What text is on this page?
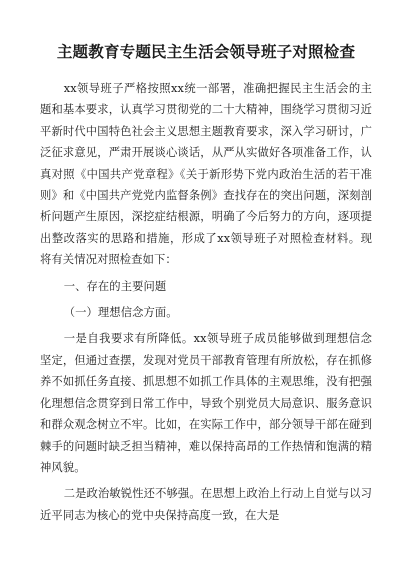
主题教育专题民主生活会领导班子对照检查

xx领导班子严格按照xx统一部署，准确把握民主生活会的主题和基本要求，认真学习贯彻党的二十大精神，围绕学习贯彻习近平新时代中国特色社会主义思想主题教育要求，深入学习研讨，广泛征求意见，严肃开展谈心谈话，从严从实做好各项准备工作，认真对照《中国共产党章程》《关于新形势下党内政治生活的若干准则》和《中国共产党党内监督条例》查找存在的突出问题，深刻剖析问题产生原因，深挖症结根源，明确了今后努力的方向，逐项提出整改落实的思路和措施，形成了xx领导班子对照检查材料。现将有关情况对照检查如下：

一、存在的主要问题

（一）理想信念方面。

一是自我要求有所降低。xx领导班子成员能够做到理想信念坚定，但通过查摆，发现对党员干部教育管理有所放松，存在抓修养不如抓任务直接、抓思想不如抓工作具体的主观思维，没有把强化理想信念贯穿到日常工作中，导致个别党员大局意识、服务意识和群众观念树立不牢。比如，在实际工作中，部分领导干部在碰到棘手的问题时缺乏担当精神，难以保持高昂的工作热情和饱满的精神风貌。

二是政治敏锐性还不够强。在思想上政治上行动上自觉与以习近平同志为核心的党中央保持高度一致，在大是
